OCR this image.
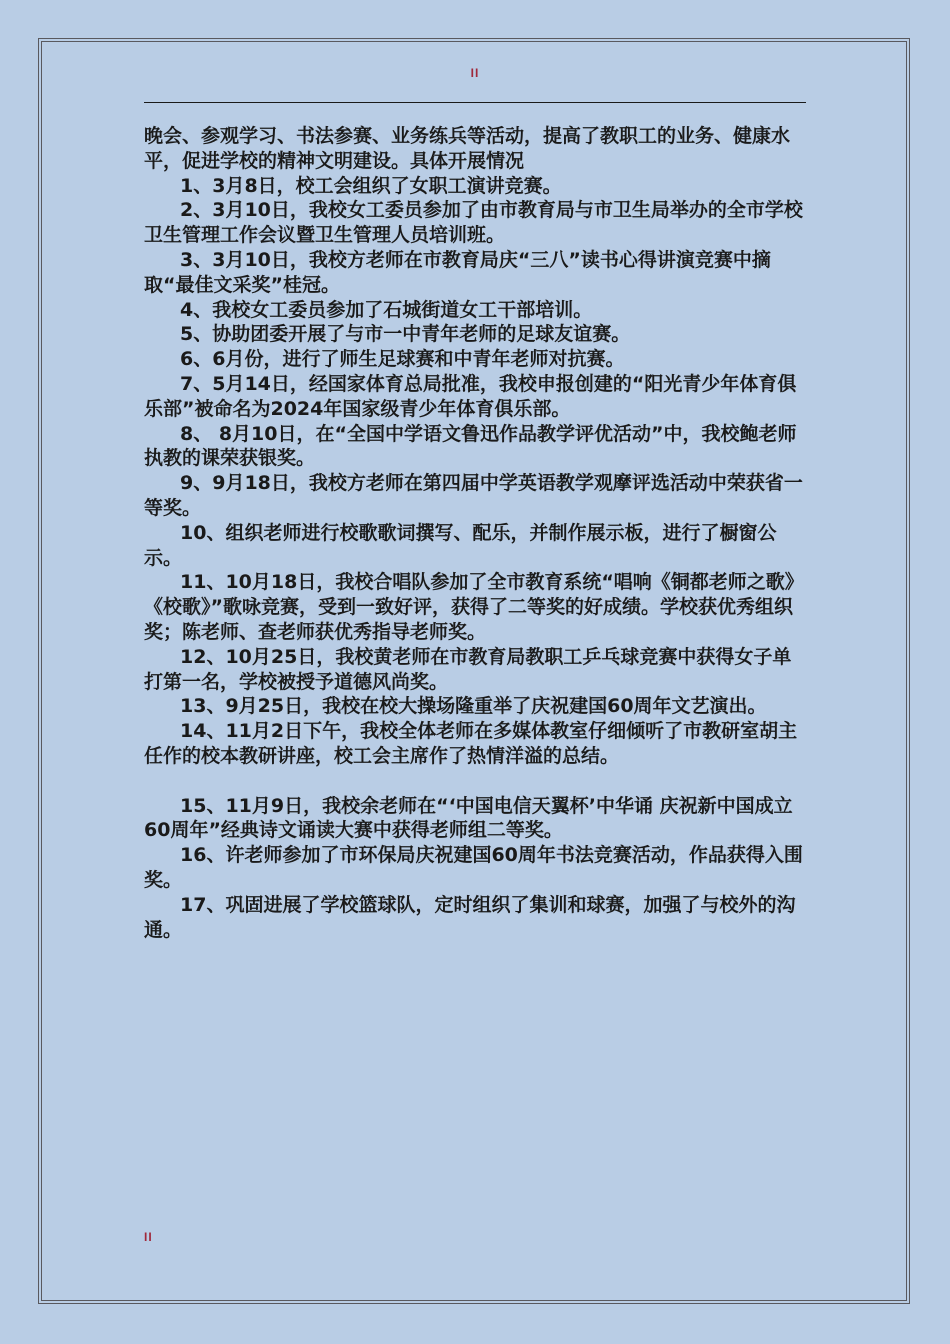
II

晚会、参观学习、书法参赛、业务练兵等活动，提高了教职工的业务、健康水平，促进学校的精神文明建设。具体开展情况

1、3月8日，校工会组织了女职工演讲竞赛。

2、3月10日，我校女工委员参加了由市教育局与市卫生局举办的全市学校卫生管理工作会议暨卫生管理人员培训班。

3、3月10日，我校方老师在市教育局庆“三八”读书心得讲演竞赛中摘取“最佳文采奖”桂冠。

4、我校女工委员参加了石城街道女工干部培训。

5、协助团委开展了与市一中青年老师的足球友谊赛。

6、6月份，进行了师生足球赛和中青年老师对抗赛。

7、5月14日，经国家体育总局批准，我校申报创建的“阳光青少年体育俱乐部”被命名为2024年国家级青少年体育俱乐部。

8、 8月10日，在“全国中学语文鲁迅作品教学评优活动”中，我校鲍老师执教的课荣获银奖。

9、9月18日，我校方老师在第四届中学英语教学观摩评选活动中荣获省一等奖。

10、组织老师进行校歌歌词撰写、配乐，并制作展示板，进行了橱窗公示。

11、10月18日，我校合唱队参加了全市教育系统“唱响《铜都老师之歌》《校歌》”歌咏竞赛，受到一致好评，获得了二等奖的好成绩。学校获优秀组织奖；陈老师、查老师获优秀指导老师奖。

12、10月25日，我校黄老师在市教育局教职工乒乓球竞赛中获得女子单打第一名，学校被授予道德风尚奖。

13、9月25日，我校在校大操场隆重举了庆祝建国60周年文艺演出。

14、11月2日下午，我校全体老师在多媒体教室仔细倾听了市教研室胡主任作的校本教研讲座，校工会主席作了热情洋溢的总结。

15、11月9日，我校余老师在“‘中国电信天翼杯’中华诵 庆祝新中国成立60周年”经典诗文诵读大赛中获得老师组二等奖。

16、许老师参加了市环保局庆祝建国60周年书法竞赛活动，作品获得入围奖。

17、巩固进展了学校篮球队，定时组织了集训和球赛，加强了与校外的沟通。

II
